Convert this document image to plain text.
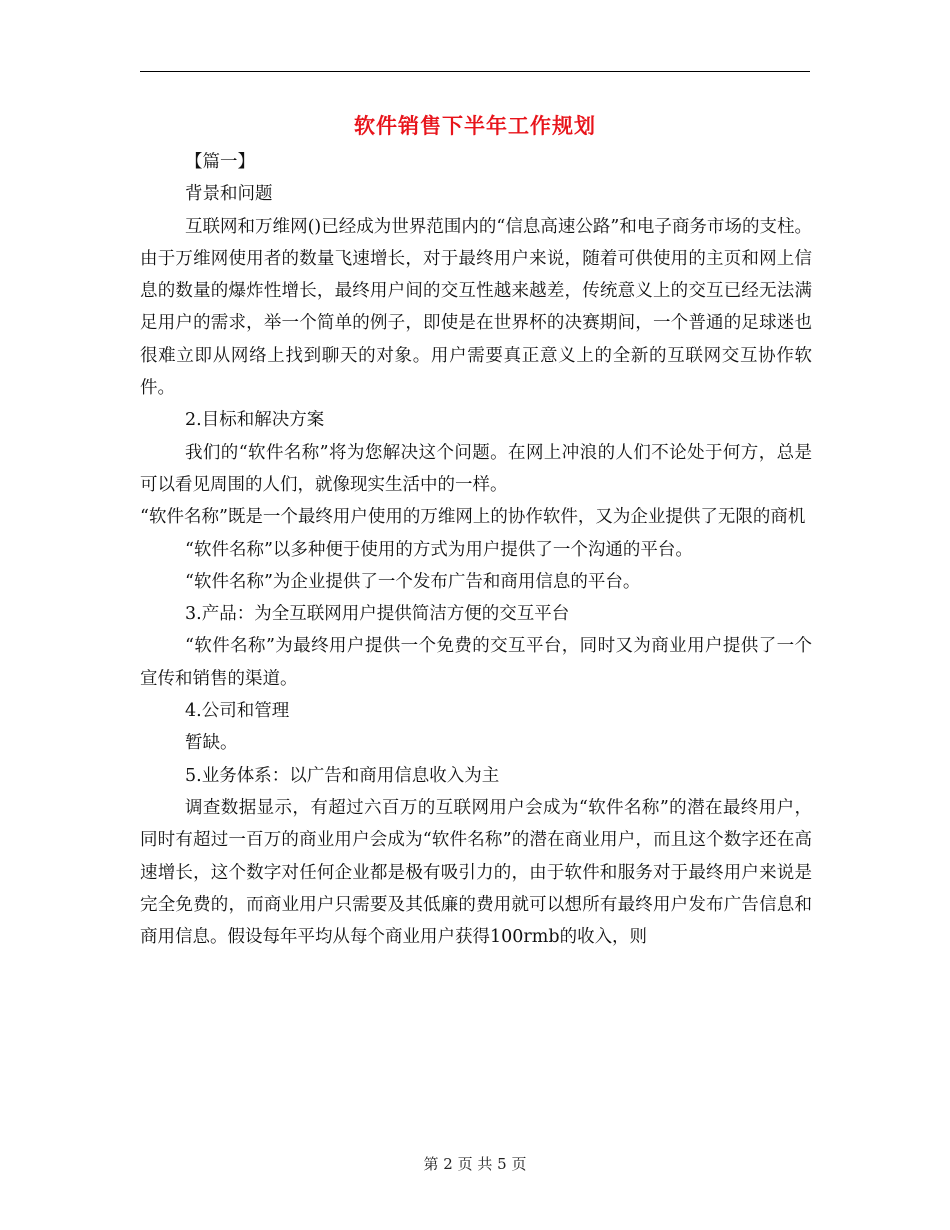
软件销售下半年工作规划

【篇一】

背景和问题

互联网和万维网()已经成为世界范围内的“信息高速公路”和电子商务市场的支柱。由于万维网使用者的数量飞速增长，对于最终用户来说，随着可供使用的主页和网上信息的数量的爆炸性增长，最终用户间的交互性越来越差，传统意义上的交互已经无法满足用户的需求，举一个简单的例子，即使是在世界杯的决赛期间，一个普通的足球迷也很难立即从网络上找到聊天的对象。用户需要真正意义上的全新的互联网交互协作软件。

2.目标和解决方案

我们的“软件名称”将为您解决这个问题。在网上冲浪的人们不论处于何方，总是可以看见周围的人们，就像现实生活中的一样。

“软件名称”既是一个最终用户使用的万维网上的协作软件，又为企业提供了无限的商机

“软件名称”以多种便于使用的方式为用户提供了一个沟通的平台。

“软件名称”为企业提供了一个发布广告和商用信息的平台。

3.产品：为全互联网用户提供简洁方便的交互平台

“软件名称”为最终用户提供一个免费的交互平台，同时又为商业用户提供了一个宣传和销售的渠道。

4.公司和管理

暂缺。

5.业务体系：以广告和商用信息收入为主

调查数据显示，有超过六百万的互联网用户会成为“软件名称”的潜在最终用户，同时有超过一百万的商业用户会成为“软件名称”的潜在商业用户，而且这个数字还在高速增长，这个数字对任何企业都是极有吸引力的，由于软件和服务对于最终用户来说是完全免费的，而商业用户只需要及其低廉的费用就可以想所有最终用户发布广告信息和商用信息。假设每年平均从每个商业用户获得100rmb的收入，则

第 2 页 共 5 页
